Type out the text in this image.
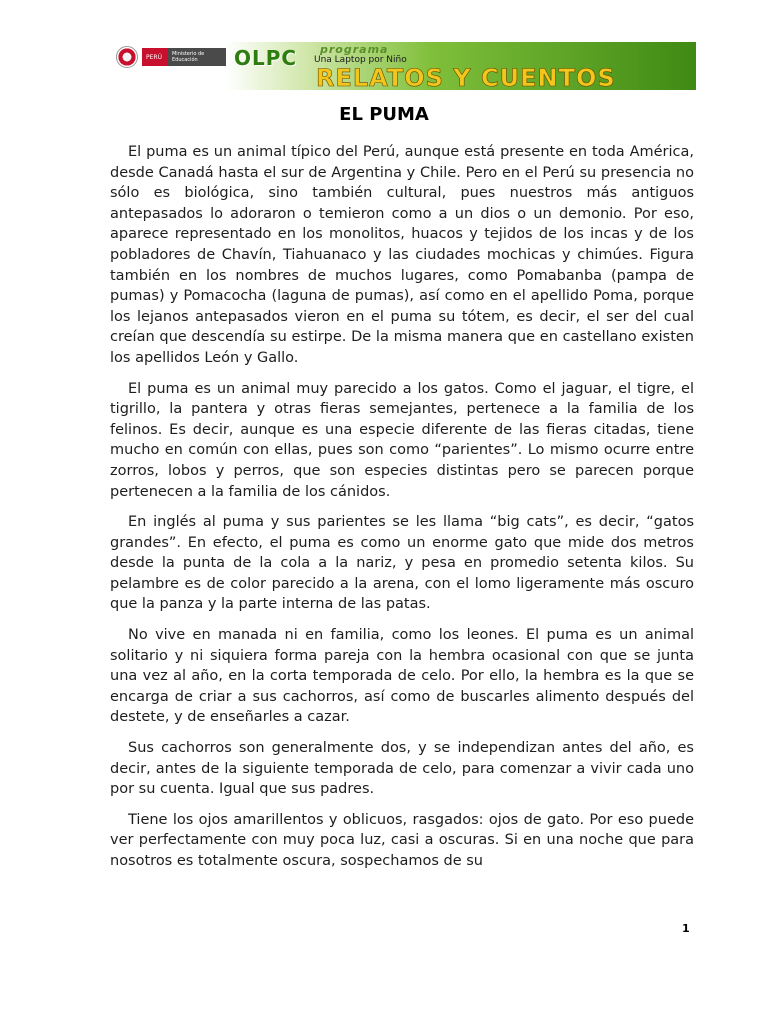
PERÚ	Ministerio de Educación	OLPC programa
Una Laptop por Niño
RELATOS Y CUENTOS
EL PUMA

El puma es un animal típico del Perú, aunque está presente en toda América, desde Canadá hasta el sur de Argentina y Chile. Pero en el Perú su presencia no sólo es biológica, sino también cultural, pues nuestros más antiguos antepasados lo adoraron o temieron como a un dios o un demonio. Por eso, aparece representado en los monolitos, huacos y tejidos de los incas y de los pobladores de Chavín, Tiahuanaco y las ciudades mochicas y chimúes. Figura también en los nombres de muchos lugares, como Pomabanba (pampa de pumas) y Pomacocha (laguna de pumas), así como en el apellido Poma, porque los lejanos antepasados vieron en el puma su tótem, es decir, el ser del cual creían que descendía su estirpe. De la misma manera que en castellano existen los apellidos León y Gallo.

El puma es un animal muy parecido a los gatos. Como el jaguar, el tigre, el tigrillo, la pantera y otras fieras semejantes, pertenece a la familia de los felinos. Es decir, aunque es una especie diferente de las fieras citadas, tiene mucho en común con ellas, pues son como “parientes”. Lo mismo ocurre entre zorros, lobos y perros, que son especies distintas pero se parecen porque pertenecen a la familia de los cánidos.

En inglés al puma y sus parientes se les llama “big cats”, es decir, “gatos grandes”. En efecto, el puma es como un enorme gato que mide dos metros desde la punta de la cola a la nariz, y pesa en promedio setenta kilos. Su pelambre es de color parecido a la arena, con el lomo ligeramente más oscuro que la panza y la parte interna de las patas.

No vive en manada ni en familia, como los leones. El puma es un animal solitario y ni siquiera forma pareja con la hembra ocasional con que se junta una vez al año, en la corta temporada de celo. Por ello, la hembra es la que se encarga de criar a sus cachorros, así como de buscarles alimento después del destete, y de enseñarles a cazar.

Sus cachorros son generalmente dos, y se independizan antes del año, es decir, antes de la siguiente temporada de celo, para comenzar a vivir cada uno por su cuenta. Igual que sus padres.

Tiene los ojos amarillentos y oblicuos, rasgados: ojos de gato. Por eso puede ver perfectamente con muy poca luz, casi a oscuras. Si en una noche que para nosotros es totalmente oscura, sospechamos de su

1
